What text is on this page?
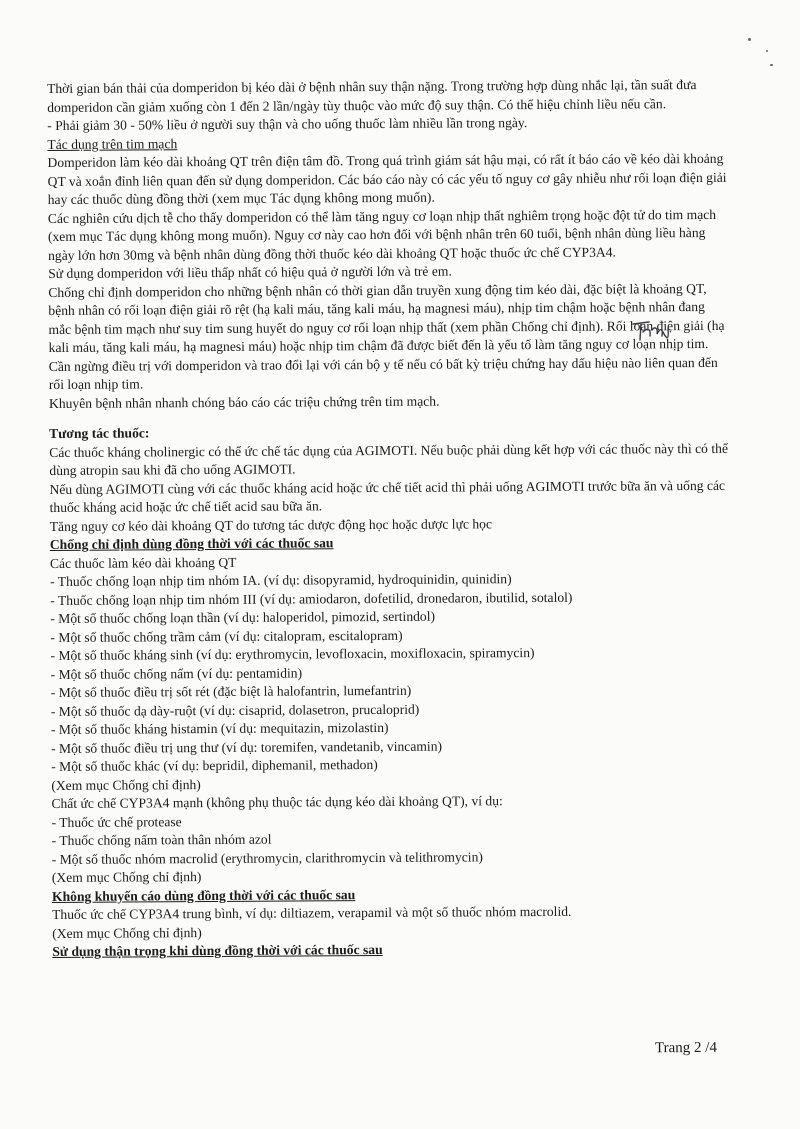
Thời gian bán thải của domperidon bị kéo dài ở bệnh nhân suy thận nặng. Trong trường hợp dùng nhắc lại, tần suất đưa domperidon cần giảm xuống còn 1 đến 2 lần/ngày tùy thuộc vào mức độ suy thận. Có thể hiệu chỉnh liều nếu cần.

- Phải giảm 30 - 50% liều ở người suy thận và cho uống thuốc làm nhiều lần trong ngày.

Tác dụng trên tim mạch

Domperidon làm kéo dài khoảng QT trên điện tâm đồ. Trong quá trình giám sát hậu mại, có rất ít báo cáo về kéo dài khoảng QT và xoắn đỉnh liên quan đến sử dụng domperidon. Các báo cáo này có các yếu tố nguy cơ gây nhiễu như rối loạn điện giải hay các thuốc dùng đồng thời (xem mục Tác dụng không mong muốn).

Các nghiên cứu dịch tễ cho thấy domperidon có thể làm tăng nguy cơ loạn nhịp thất nghiêm trọng hoặc đột tử do tim mạch (xem mục Tác dụng không mong muốn). Nguy cơ này cao hơn đối với bệnh nhân trên 60 tuổi, bệnh nhân dùng liều hàng ngày lớn hơn 30mg và bệnh nhân dùng đồng thời thuốc kéo dài khoảng QT hoặc thuốc ức chế CYP3A4.

Sử dụng domperidon với liều thấp nhất có hiệu quả ở người lớn và trẻ em.

Chống chỉ định domperidon cho những bệnh nhân có thời gian dẫn truyền xung động tim kéo dài, đặc biệt là khoảng QT, bệnh nhân có rối loạn điện giải rõ rệt (hạ kali máu, tăng kali máu, hạ magnesi máu), nhịp tim chậm hoặc bệnh nhân đang mắc bệnh tim mạch như suy tim sung huyết do nguy cơ rối loạn nhịp thất (xem phần Chống chỉ định). Rối loạn điện giải (hạ kali máu, tăng kali máu, hạ magnesi máu) hoặc nhịp tim chậm đã được biết đến là yếu tố làm tăng nguy cơ loạn nhịp tim.

Cần ngừng điều trị với domperidon và trao đổi lại với cán bộ y tế nếu có bất kỳ triệu chứng hay dấu hiệu nào liên quan đến rối loạn nhịp tim.

Khuyên bệnh nhân nhanh chóng báo cáo các triệu chứng trên tim mạch.

Tương tác thuốc:

Các thuốc kháng cholinergic có thể ức chế tác dụng của AGIMOTI. Nếu buộc phải dùng kết hợp với các thuốc này thì có thể dùng atropin sau khi đã cho uống AGIMOTI.

Nếu dùng AGIMOTI cùng với các thuốc kháng acid hoặc ức chế tiết acid thì phải uống AGIMOTI trước bữa ăn và uống các thuốc kháng acid hoặc ức chế tiết acid sau bữa ăn.

Tăng nguy cơ kéo dài khoảng QT do tương tác dược động học hoặc dược lực học

Chống chỉ định dùng đồng thời với các thuốc sau

Các thuốc làm kéo dài khoảng QT

- Thuốc chống loạn nhịp tim nhóm IA. (ví dụ: disopyramid, hydroquinidin, quinidin)

- Thuốc chống loạn nhịp tim nhóm III (ví dụ: amiodaron, dofetilid, dronedaron, ibutilid, sotalol)

- Một số thuốc chống loạn thần (ví dụ: haloperidol, pimozid, sertindol)

- Một số thuốc chống trầm cảm (ví dụ: citalopram, escitalopram)

- Một số thuốc kháng sinh (ví dụ: erythromycin, levofloxacin, moxifloxacin, spiramycin)

- Một số thuốc chống nấm (ví dụ: pentamidin)

- Một số thuốc điều trị sốt rét (đặc biệt là halofantrin, lumefantrin)

- Một số thuốc dạ dày-ruột (ví dụ: cisaprid, dolasetron, prucaloprid)

- Một số thuốc kháng histamin (ví dụ: mequitazin, mizolastin)

- Một số thuốc điều trị ung thư (ví dụ: toremifen, vandetanib, vincamin)

- Một số thuốc khác (ví dụ: bepridil, diphemanil, methadon)

(Xem mục Chống chỉ định)

Chất ức chế CYP3A4 mạnh (không phụ thuộc tác dụng kéo dài khoảng QT), ví dụ:

- Thuốc ức chế protease

- Thuốc chống nấm toàn thân nhóm azol

- Một số thuốc nhóm macrolid (erythromycin, clarithromycin và telithromycin)

(Xem mục Chống chỉ định)

Không khuyến cáo dùng đồng thời với các thuốc sau

Thuốc ức chế CYP3A4 trung bình, ví dụ: diltiazem, verapamil và một số thuốc nhóm macrolid.

(Xem mục Chống chỉ định)

Sử dụng thận trọng khi dùng đồng thời với các thuốc sau

Trang 2 /4
